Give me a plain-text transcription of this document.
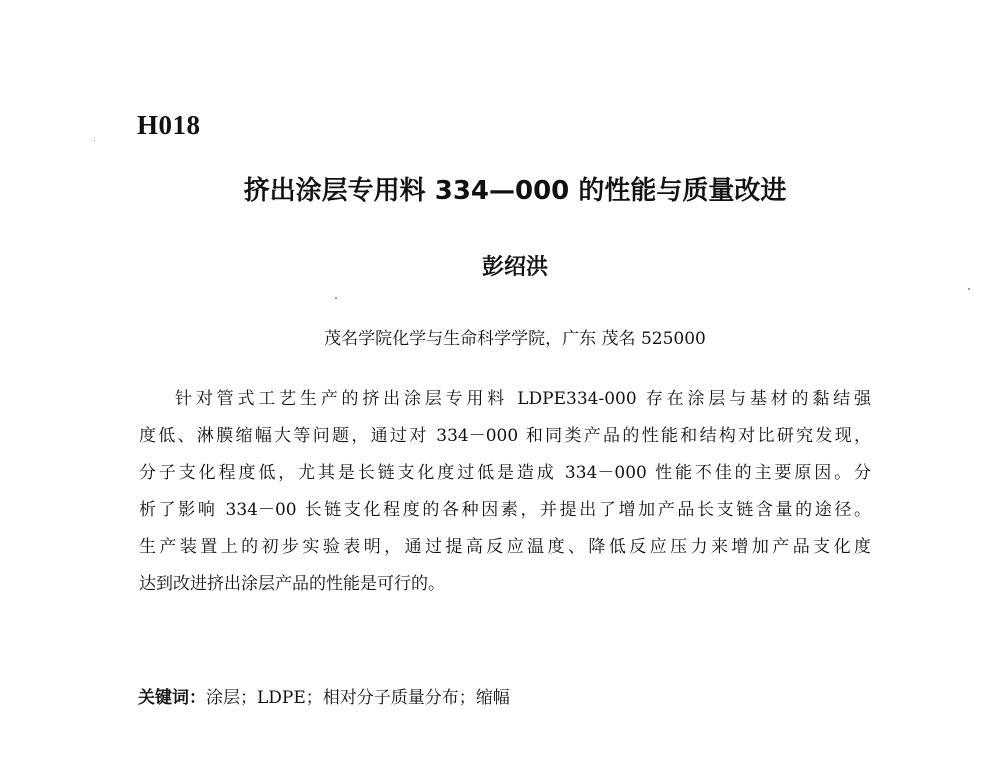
H018
挤出涂层专用料 334—000 的性能与质量改进
彭绍洪
茂名学院化学与生命科学学院，广东 茂名 525000

针对管式工艺生产的挤出涂层专用料 LDPE334-000 存在涂层与基材的黏结强
度低、淋膜缩幅大等问题，通过对 334－000 和同类产品的性能和结构对比研究发现，
分子支化程度低，尤其是长链支化度过低是造成 334－000 性能不佳的主要原因。分
析了影响 334－00 长链支化程度的各种因素，并提出了增加产品长支链含量的途径。
生产装置上的初步实验表明，通过提高反应温度、降低反应压力来增加产品支化度
达到改进挤出涂层产品的性能是可行的。

关键词：涂层；LDPE；相对分子质量分布；缩幅
